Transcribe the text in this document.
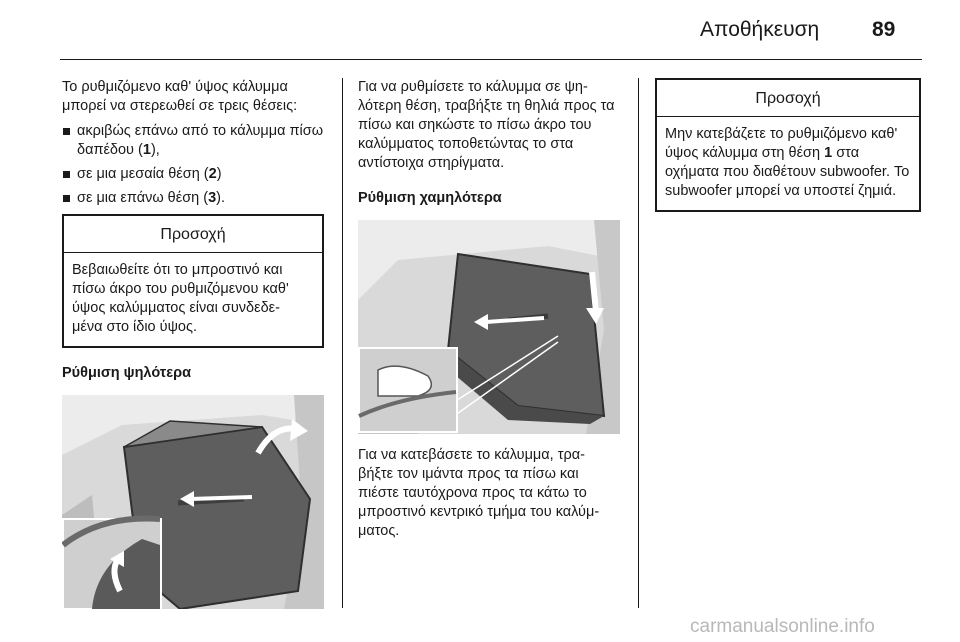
Αποθήκευση	89

Το ρυθμιζόμενο καθ' ύψος κάλυμμα μπορεί να στερεωθεί σε τρεις θέσεις:

ακριβώς επάνω από το κάλυμμα πίσω δαπέδου (1),
σε μια μεσαία θέση (2)
σε μια επάνω θέση (3).
Προσοχή
Βεβαιωθείτε ότι το μπροστινό και πίσω άκρο του ρυθμιζόμενου καθ' ύψος καλύμματος είναι συνδεδε- μένα στο ίδιο ύψος.

Ρύθμιση ψηλότερα

Για να ρυθμίσετε το κάλυμμα σε ψη- λότερη θέση, τραβήξτε τη θηλιά προς τα πίσω και σηκώστε το πίσω άκρο του καλύμματος τοποθετώντας το στα αντίστοιχα στηρίγματα.

Ρύθμιση χαμηλότερα

Για να κατεβάσετε το κάλυμμα, τρα- βήξτε τον ιμάντα προς τα πίσω και πιέστε ταυτόχρονα προς τα κάτω το μπροστινό κεντρικό τμήμα του καλύμ- ματος.

Προσοχή
Μην κατεβάζετε το ρυθμιζόμενο καθ' ύψος κάλυμμα στη θέση 1 στα οχήματα που διαθέτουν subwoofer. Το subwoofer μπορεί να υποστεί ζημιά.
carmanualsonline.info
